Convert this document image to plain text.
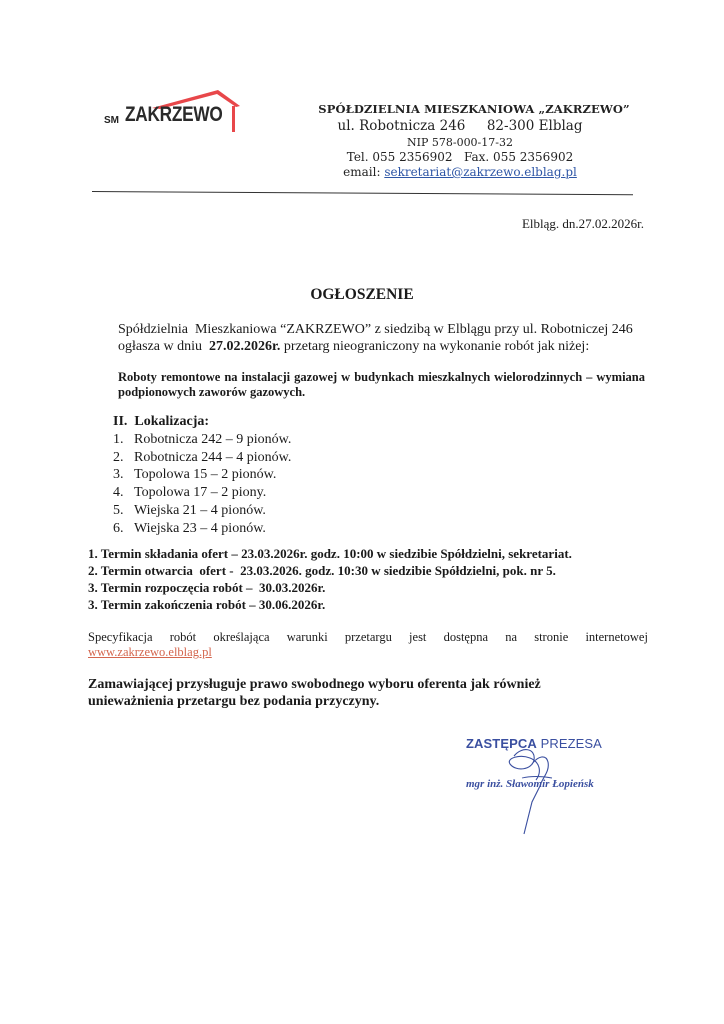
SM ZAKRZEWO	SPÓŁDZIELNIA MIESZKANIOWA „ZAKRZEWO”
ul. Robotnicza 246     82-300 Elblag
NIP 578-000-17-32
Tel. 055 2356902   Fax. 055 2356902
email: sekretariat@zakrzewo.elblag.pl
Elbląg. dn.27.02.2026r.
OGŁOSZENIE
Spółdzielnia  Mieszkaniowa “ZAKRZEWO” z siedzibą w Elblągu przy ul. Robotniczej 246
ogłasza w dniu  27.02.2026r. przetarg nieograniczony na wykonanie robót jak niżej:
Roboty remontowe na instalacji gazowej w budynkach mieszkalnych wielorodzinnych – wymiana podpionowych zaworów gazowych.
II.  Lokalizacja:
1. Robotnicza 242 – 9 pionów.
2. Robotnicza 244 – 4 pionów.
3. Topolowa 15 – 2 pionów.
4. Topolowa 17 – 2 piony.
5. Wiejska 21 – 4 pionów.
6. Wiejska 23 – 4 pionów.
1. Termin składania ofert – 23.03.2026r. godz. 10:00 w siedzibie Spółdzielni, sekretariat.
2. Termin otwarcia  ofert -  23.03.2026. godz. 10:30 w siedzibie Spółdzielni, pok. nr 5.
3. Termin rozpoczęcia robót –  30.03.2026r.
3. Termin zakończenia robót – 30.06.2026r.
Specyfikacja robót określająca warunki przetargu jest dostępna na stronie internetowej
www.zakrzewo.elblag.pl
Zamawiającej przysługuje prawo swobodnego wyboru oferenta jak również
unieważnienia przetargu bez podania przyczyny.
ZASTĘPCA PREZESA
mgr inż. Sławomir Łopieńsk
